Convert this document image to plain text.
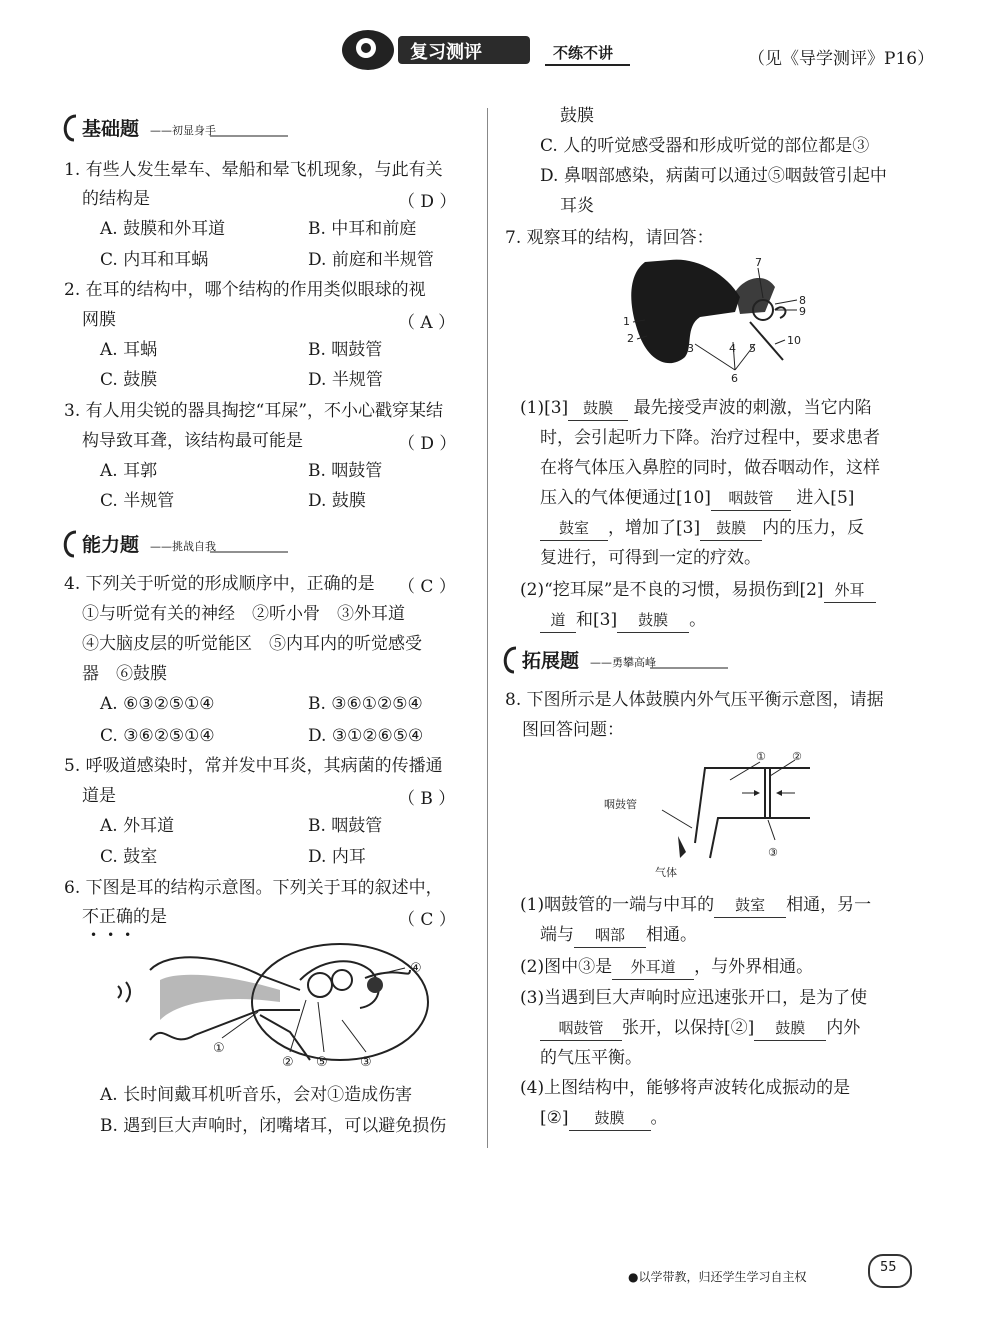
复习测评	不练不讲	（见《导学测评》P16）
基础题 ——初显身手
1. 有些人发生晕车、晕船和晕飞机现象，与此有关
的结构是	（ D ）
A. 鼓膜和外耳道	B. 中耳和前庭
C. 内耳和耳蜗	D. 前庭和半规管
2. 在耳的结构中，哪个结构的作用类似眼球的视
网膜	（ A ）
A. 耳蜗	B. 咽鼓管
C. 鼓膜	D. 半规管
3. 有人用尖锐的器具掏挖“耳屎”，不小心戳穿某结
构导致耳聋，该结构最可能是	（ D ）
A. 耳郭	B. 咽鼓管
C. 半规管	D. 鼓膜
能力题 ——挑战自我
4. 下列关于听觉的形成顺序中，正确的是 （ C ）
①与听觉有关的神经　②听小骨　③外耳道
④大脑皮层的听觉能区　⑤内耳内的听觉感受
器　⑥鼓膜
A. ⑥③②⑤①④	B. ③⑥①②⑤④
C. ③⑥②⑤①④	D. ③①②⑥⑤④
5. 呼吸道感染时，常并发中耳炎，其病菌的传播通
道是	（ B ）
A. 外耳道	B. 咽鼓管
C. 鼓室	D. 内耳
6. 下图是耳的结构示意图。下列关于耳的叙述中，
不正确的是	（ C ）
•••
①
② ⑤ ③
④
A. 长时间戴耳机听音乐，会对①造成伤害
B. 遇到巨大声响时，闭嘴堵耳，可以避免损伤
鼓膜
C. 人的听觉感受器和形成听觉的部位都是③
D. 鼻咽部感染，病菌可以通过⑤咽鼓管引起中
耳炎
7. 观察耳的结构，请回答：
1
2
3	4 5
6
7
8
9
10
(1)[3] 鼓膜 最先接受声波的刺激，当它内陷
时，会引起听力下降。治疗过程中，要求患者
在将气体压入鼻腔的同时，做吞咽动作，这样
压入的气体便通过[10] 咽鼓管 进入[5]
鼓室 ，增加了[3] 鼓膜 内的压力，反
复进行，可得到一定的疗效。
(2)“挖耳屎”是不良的习惯，易损伤到[2] 外耳
道 和[3] 鼓膜 。
拓展题 ——勇攀高峰
8. 下图所示是人体鼓膜内外气压平衡示意图，请据
图回答问题：
① ②
③
咽鼓管
气体
(1)咽鼓管的一端与中耳的 鼓室 相通，另一
端与 咽部 相通。
(2)图中③是 外耳道 ，与外界相通。
(3)当遇到巨大声响时应迅速张开口，是为了使
咽鼓管 张开，以保持[②] 鼓膜 内外
的气压平衡。
(4)上图结构中，能够将声波转化成振动的是
[②] 鼓膜 。
●以学带教，归还学生学习自主权
55
